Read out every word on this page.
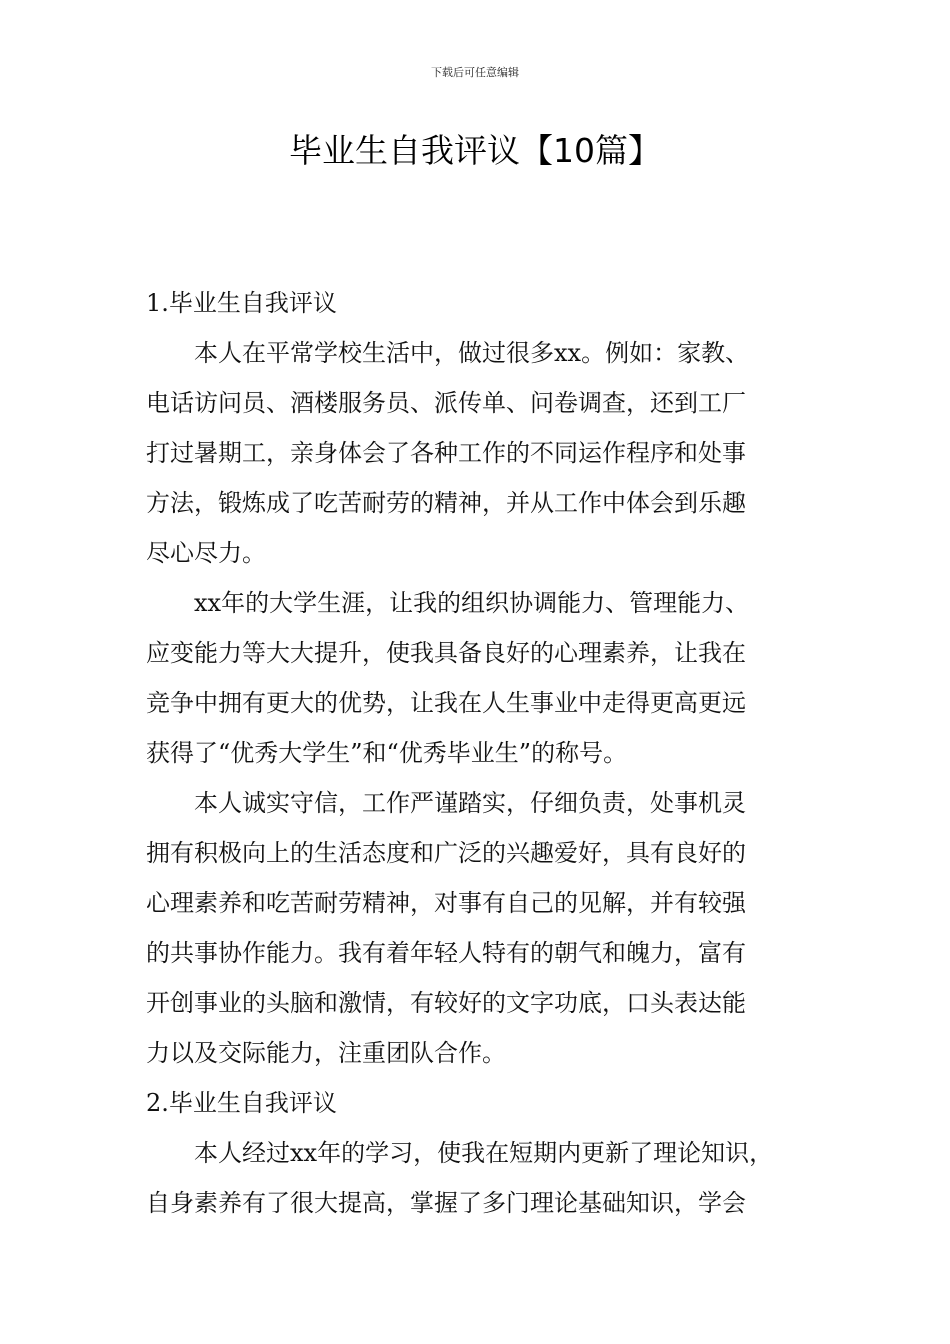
下载后可任意编辑
毕业生自我评议【10篇】
1.毕业生自我评议
本人在平常学校生活中，做过很多xx。例如：家教、
电话访问员、酒楼服务员、派传单、问卷调查，还到工厂
打过暑期工，亲身体会了各种工作的不同运作程序和处事
方法，锻炼成了吃苦耐劳的精神，并从工作中体会到乐趣
尽心尽力。
xx年的大学生涯，让我的组织协调能力、管理能力、
应变能力等大大提升，使我具备良好的心理素养，让我在
竞争中拥有更大的优势，让我在人生事业中走得更高更远
获得了“优秀大学生”和“优秀毕业生”的称号。
本人诚实守信，工作严谨踏实，仔细负责，处事机灵
拥有积极向上的生活态度和广泛的兴趣爱好，具有良好的
心理素养和吃苦耐劳精神，对事有自己的见解，并有较强
的共事协作能力。我有着年轻人特有的朝气和魄力，富有
开创事业的头脑和激情，有较好的文字功底，口头表达能
力以及交际能力，注重团队合作。
2.毕业生自我评议
本人经过xx年的学习，使我在短期内更新了理论知识，
自身素养有了很大提高，掌握了多门理论基础知识，学会
